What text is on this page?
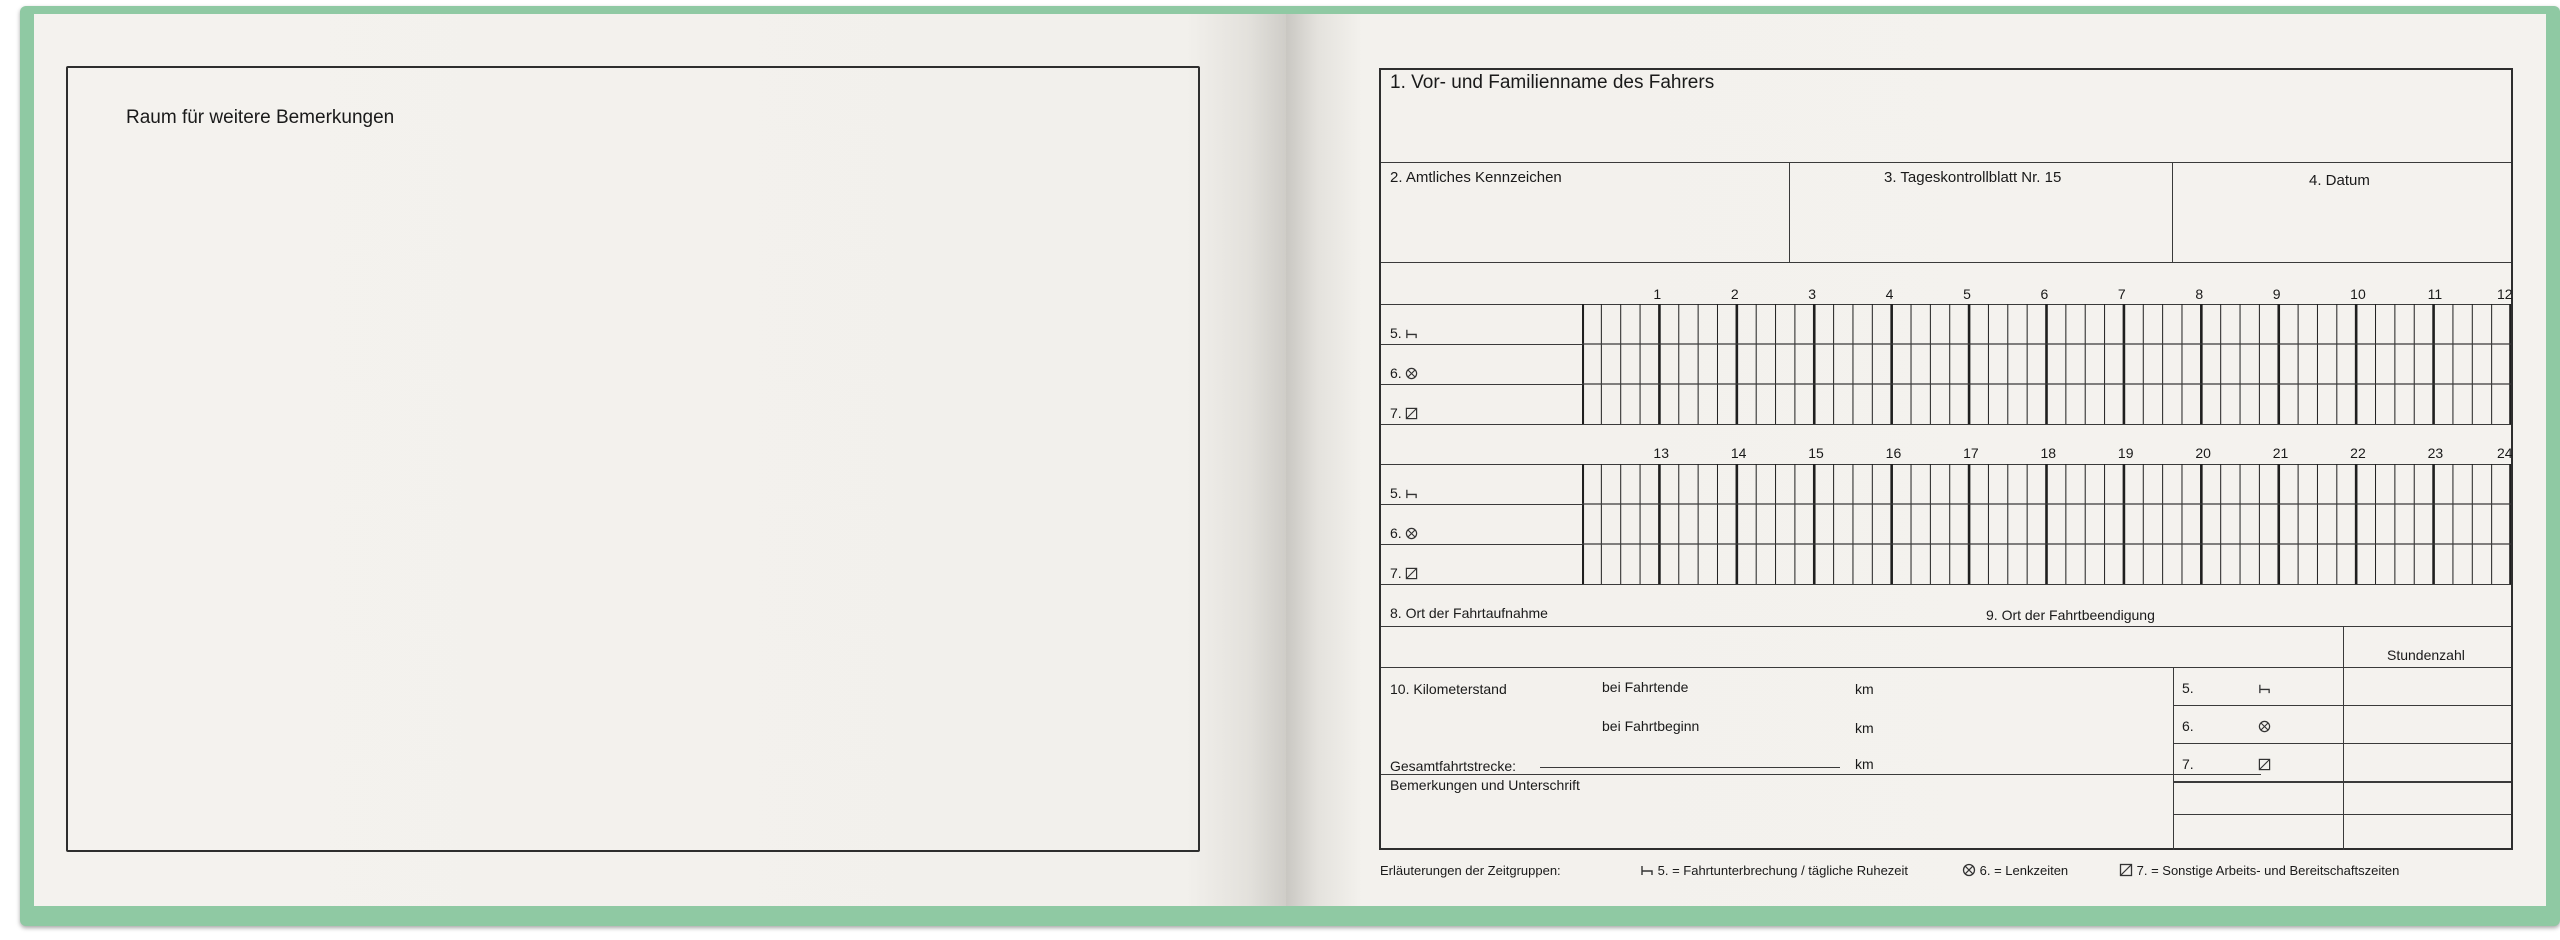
Raum für weitere Bemerkungen
1. Vor- und Familienname des Fahrers
2. Amtliches Kennzeichen	3. Tageskontrollblatt Nr. 15	4. Datum
1	2	3	4	5	6	7	8	9	10	11	12
5.
6.
7.
13	14	15	16	17	18	19	20	21	22	23	24
5.
6.
7.
8. Ort der Fahrtaufnahme	9. Ort der Fahrtbeendigung
Stundenzahl
10. Kilometerstand	bei Fahrtende	km
bei Fahrtbeginn	km
Gesamtfahrtstrecke:	km
Bemerkungen und Unterschrift
5.
6.
7.
Erläuterungen der Zeitgruppen:	5. = Fahrtunterbrechung / tägliche Ruhezeit	6. = Lenkzeiten	7. = Sonstige Arbeits- und Bereitschaftszeiten
